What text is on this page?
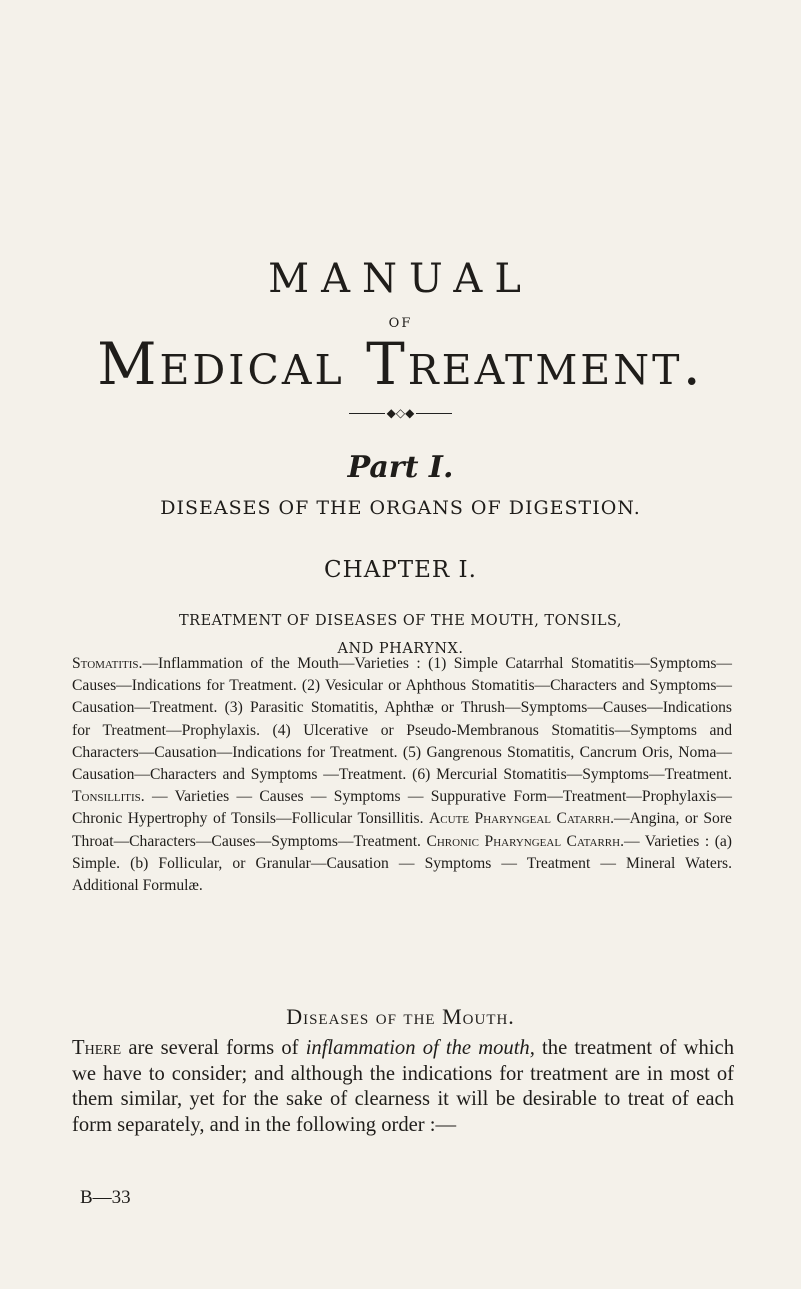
MANUAL
OF
Medical Treatment.
◆◇◆
Part I.
DISEASES OF THE ORGANS OF DIGESTION.
CHAPTER I.
TREATMENT OF DISEASES OF THE MOUTH, TONSILS,
AND PHARYNX.
Stomatitis.—Inflammation of the Mouth—Varieties : (1) Simple Catarrhal Stomatitis—Symptoms—Causes—Indications for Treatment. (2) Vesicular or Aphthous Stomatitis—Characters and Symptoms—Causation—Treatment. (3) Parasitic Stomatitis, Aphthæ or Thrush—Symptoms—Causes—Indications for Treatment—Prophylaxis. (4) Ulcerative or Pseudo-Membranous Stomatitis—Symptoms and Characters—Causation—Indications for Treatment. (5) Gangrenous Stomatitis, Cancrum Oris, Noma—Causation—Characters and Symptoms —Treatment. (6) Mercurial Stomatitis—Symptoms—Treatment. Tonsillitis. — Varieties — Causes — Symptoms — Suppurative Form—Treatment—Prophylaxis—Chronic Hypertrophy of Tonsils—Follicular Tonsillitis. Acute Pharyngeal Catarrh.—Angina, or Sore Throat—Characters—Causes—Symptoms—Treatment. Chronic Pharyngeal Catarrh.— Varieties : (a) Simple. (b) Follicular, or Granular—Causation — Symptoms — Treatment — Mineral Waters. Additional Formulæ.
Diseases of the Mouth.
There are several forms of inflammation of the mouth, the treatment of which we have to consider; and although the indications for treatment are in most of them similar, yet for the sake of clearness it will be desirable to treat of each form separately, and in the following order :—
B—33
